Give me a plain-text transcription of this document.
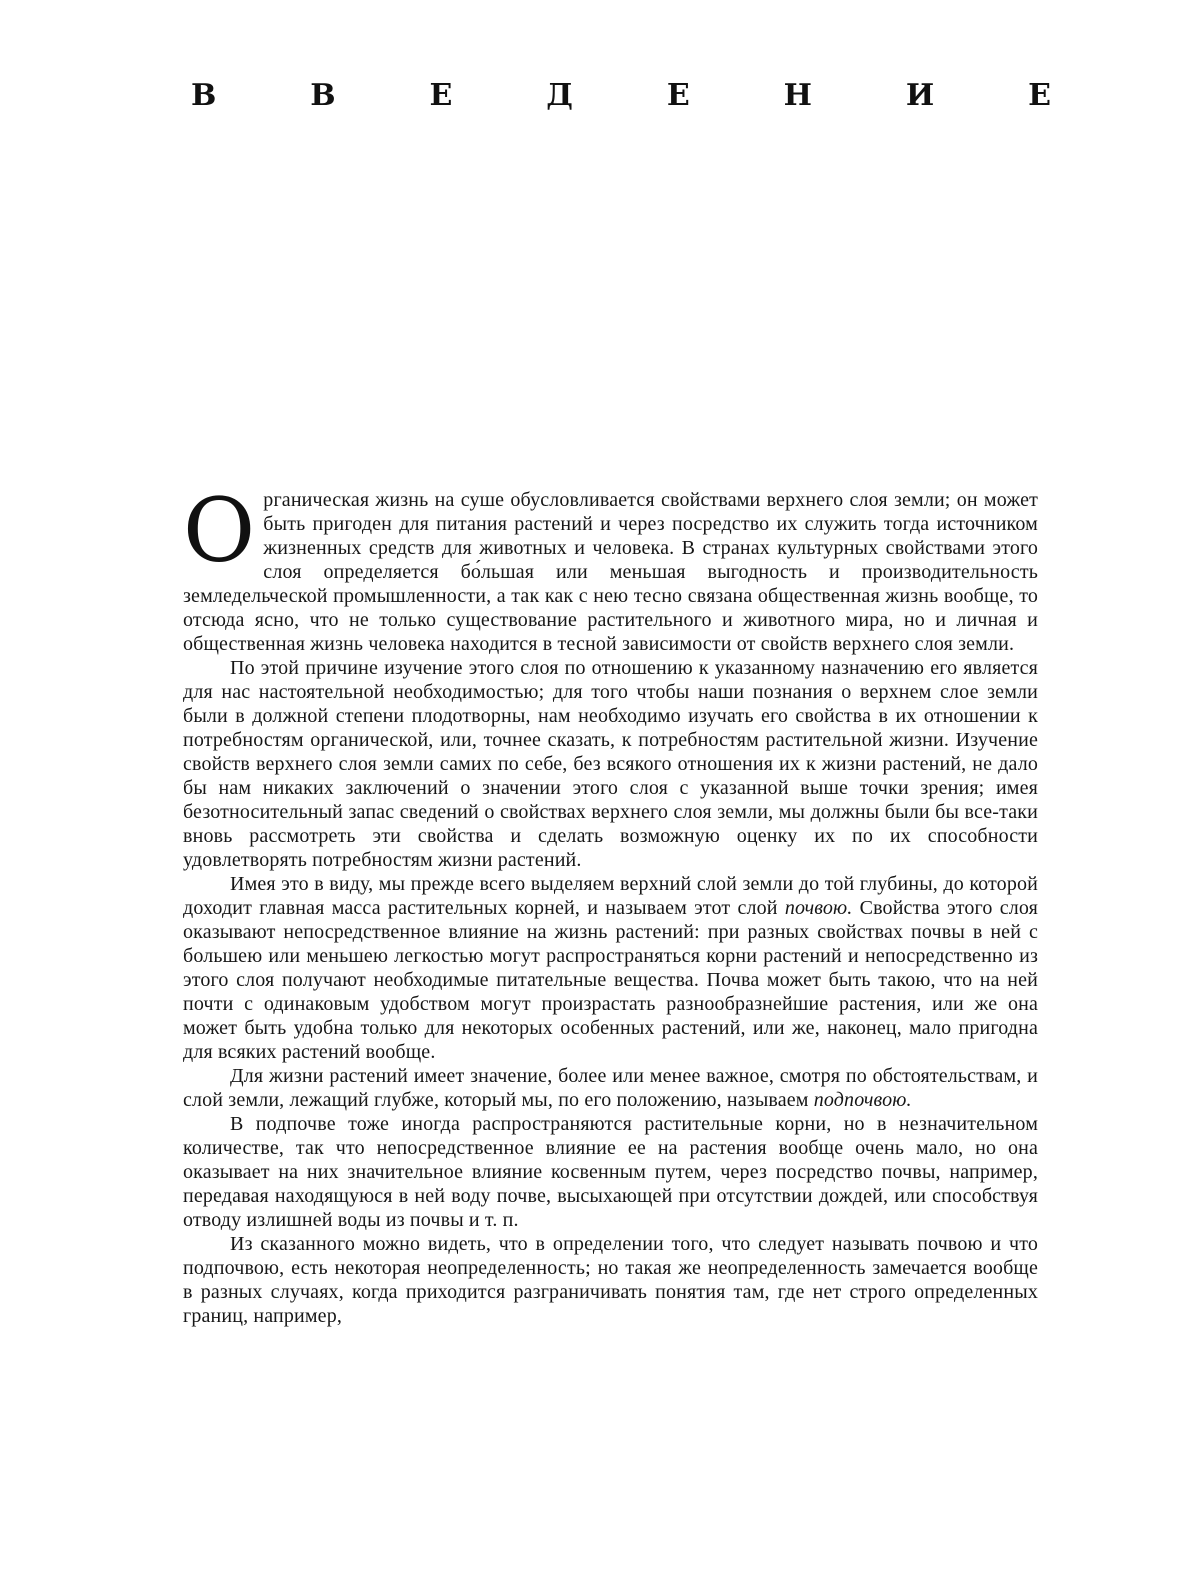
В	В	Е	Д	Е	Н	И	Е

Органическая жизнь на суше обусловливается свойствами верхнего слоя земли; он может быть пригоден для питания растений и через посредство их служить тогда источником жизненных средств для животных и человека. В странах культурных свойствами этого слоя определяется бо́льшая или меньшая выгодность и производительность земледельческой промышленности, а так как с нею тесно связана общественная жизнь вообще, то отсюда ясно, что не только существование растительного и животного мира, но и личная и общественная жизнь человека находится в тесной зависимости от свойств верхнего слоя земли.

По этой причине изучение этого слоя по отношению к указанному назначению его является для нас настоятельной необходимостью; для того чтобы наши познания о верхнем слое земли были в должной степени плодотворны, нам необходимо изучать его свойства в их отношении к потребностям органической, или, точнее сказать, к потребностям растительной жизни. Изучение свойств верхнего слоя земли самих по себе, без всякого отношения их к жизни растений, не дало бы нам никаких заключений о значении этого слоя с указанной выше точки зрения; имея безотносительный запас сведений о свойствах верхнего слоя земли, мы должны были бы все-таки вновь рассмотреть эти свойства и сделать возможную оценку их по их способности удовлетворять потребностям жизни растений.

Имея это в виду, мы прежде всего выделяем верхний слой земли до той глубины, до которой доходит главная масса растительных корней, и называем этот слой почвою. Свойства этого слоя оказывают непосредственное влияние на жизнь растений: при разных свойствах почвы в ней с большею или меньшею легкостью могут распространяться корни растений и непосредственно из этого слоя получают необходимые питательные вещества. Почва может быть такою, что на ней почти с одинаковым удобством могут произрастать разнообразнейшие растения, или же она может быть удобна только для некоторых особенных растений, или же, наконец, мало пригодна для всяких растений вообще.

Для жизни растений имеет значение, более или менее важное, смотря по обстоятельствам, и слой земли, лежащий глубже, который мы, по его положению, называем подпочвою.

В подпочве тоже иногда распространяются растительные корни, но в незначительном количестве, так что непосредственное влияние ее на растения вообще очень мало, но она оказывает на них значительное влияние косвенным путем, через посредство почвы, например, передавая находящуюся в ней воду почве, высыхающей при отсутствии дождей, или способствуя отводу излишней воды из почвы и т. п.

Из сказанного можно видеть, что в определении того, что следует называть почвою и что подпочвою, есть некоторая неопределенность; но такая же неопределенность замечается вообще в разных случаях, когда приходится разграничивать понятия там, где нет строго определенных границ, например,
